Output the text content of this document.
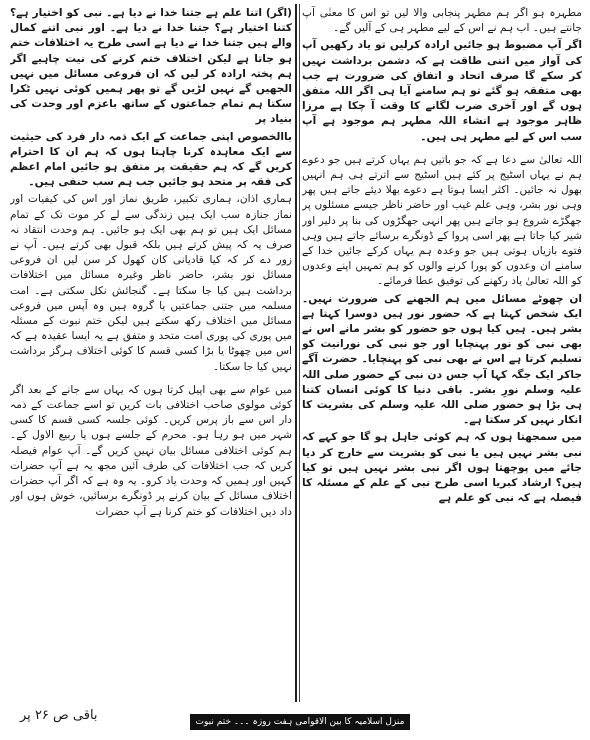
مطہرہ ہو اگر ہم مطہر پنجابی والا لیں تو اس کا معنٰی آپ جانتے ہیں۔ اب ہم نے اس کے لیے مطہر ہی کے آلیں گے۔

اگر آپ مضبوط ہو جائیں ارادہ کرلیں تو یاد رکھیں آپ کی آواز میں اتنی طاقت ہے کہ دشمن برداشت نہیں کر سکے گا صرف اتحاد و اتفاق کی ضرورت ہے جب بھی متفقہ ہو گئے تو ہم سامنے آیا ہی اگر اللہ متفق ہوں گے اور آخری ضرب لگانے کا وقت آ چکا ہے مرزا ظاہر موجود ہے انشاء اللہ مطہر ہم موجود ہے آپ سب اس کے لیے مطہر ہی ہیں۔

اللہ تعالیٰ سے دعا ہے کہ جو باتیں ہم یہاں کرتے ہیں جو دعوے ہم نے یہاں اسٹیج پر کئے ہیں اسٹیج سے اترتے ہی ہم انہیں بھول نہ جائیں۔ اکثر ایسا ہوتا ہے دعوے بھلا دیئے جاتے ہیں پھر وہی نور بشر، وہی علم غیب اور حاضر ناظر جیسے مسئلوں پر جھگڑے شروع ہو جاتے ہیں پھر انہی جھگڑوں کی بنا پر دلیر اور شیر کیا جاتا ہے پھر اسی پروا کے ڈونگرے برسائے جاتے ہیں وہی فتوے بازیاں ہوتی ہیں جو وعدہ ہم یہاں کرکے جائیں خدا کے سامنے ان وعدوں کو پورا کرنے والوں کو ہم تمہیں اپنے وعدوں کو اللہ تعالیٰ یاد رکھنے کی توفیق عطا فرمائے۔

ان چھوٹے مسائل میں ہم الجھنے کی ضرورت نہیں۔ ایک شخص کہتا ہے کہ حضور نور ہیں دوسرا کہتا ہے بشر ہیں۔ ہیں کیا ہوں جو حضور کو بشر مانے اس نے بھی نبی کو نور پہنچایا اور جو نبی کی نورانیت کو تسلیم کرتا ہے اس نے بھی نبی کو پہنچایا۔ حضرت آگے جاکر ایک جگہ کہا آپ جس دن نبی کے حضور صلی اللہ علیہ وسلم نورِ بشر۔ باقی دنیا کا کوئی انسان کتنا ہی بڑا ہو حضور صلی اللہ علیہ وسلم کی بشریت کا انکار نہیں کر سکتا ہے۔

میں سمجھتا ہوں کہ ہم کوئی جاہل ہو گا جو کہے کہ نبی بشر نہیں ہیں یا نبی کو بشریت سے خارج کر دیا جائے میں پوچھتا ہوں اگر نبی بشر نہیں ہیں تو کیا ہیں؟ ارشاد کبریا اسی طرح نبی کے علم کے مسئلہ کا فیصلہ ہے کہ نبی کو علم ہے

(اگر) اتنا علم ہے جتنا خدا نے دیا ہے۔ نبی کو اختیار ہے؟ کتنا اختیار ہے؟ جتنا خدا نے دیا ہے۔ اور نبی اتنے کمال والے ہیں جتنا خدا نے دیا ہے اسی طرح یہ اختلافات ختم ہو جاتا ہے لیکن اختلاف ختم کرنے کی نیت چاہیے اگر ہم پختہ ارادہ کر لیں کہ ان فروعی مسائل میں نہیں الجھیں گے نہیں لڑیں گے تو پھر ہمیں کوئی نہیں ٹکرا سکتا ہم تمام جماعتوں کے ساتھ باعزم اور وحدت کی بنیاد پر

باالخصوص اپنی جماعت کے ایک ذمہ دار فرد کی حیثیت سے ایک معاہدہ کرنا چاہتا ہوں کہ ہم ان کا احترام کریں گے کہ ہم حقیقت پر متفق ہو جائیں امام اعظم کی فقہ پر متحد ہو جائیں جب ہم سب حنفی ہیں۔

ہماری اذان، ہماری تکبیر، طریق نماز اور اس کی کیفیات اور نماز جنازہ سب ایک ہیں زندگی سے لے کر موت تک کے تمام مسائل ایک ہیں تو ہم بھی ایک ہو جائیں۔ ہم وحدت انتقاد نہ صرف یہ کہ پیش کرتے ہیں بلکہ قبول بھی کرتے ہیں۔ آپ نے زور دے کر کہ کیا قادیانی کان کھول کر سن لیں ان فروعی مسائل نور بشر، حاضر ناظر وغیرہ مسائل میں اختلافات برداشت ہیں کیا جا سکتا ہے۔ گنجائش نکل سکتی ہے۔ امت مسلمہ میں جتنی جماعتیں یا گروہ ہیں وہ آپس میں فروعی مسائل میں اختلاف رکھ سکتے ہیں لیکن ختم نبوت کے مسئلہ میں پوری کی پوری امت متحد و متفق ہے یہ ایسا عقیدہ ہے کہ اس میں چھوٹا یا بڑا کسی قسم کا کوئی اختلاف ہرگز برداشت نہیں کیا جا سکتا۔

میں عوام سے بھی اپیل کرتا ہوں کہ یہاں سے جانے کے بعد اگر کوئی مولوی صاحب اختلافی بات کریں تو اسے جماعت کے ذمہ دار اس سے باز پرس کریں۔ کوئی جلسہ کسی قسم کا کسی شہر میں ہو رہا ہو۔ محرم کے جلسے ہوں یا ربیع الاول کے۔ ہم کوئی اختلافی مسائل بیان نہیں کریں گے۔ آپ عوام فیصلہ کریں کہ جب اختلافات کی طرف آئیں مجھ یہ ہے آپ حضرات کہیں اور ہمیں کہ وحدت یاد کرو۔ یہ وہ ہے کہ اگر آپ حضرات اختلاف مسائل کے بیان کرنے پر ڈونگرے برسائیں، خوش ہوں اور داد دیں اختلافات کو ختم کرنا ہے آپ حضرات

باقی ص ۲۶ پر	منزل اسلامیہ کا بین الاقوامی ہفت روزہ ۔۔۔ ختم نبوت
